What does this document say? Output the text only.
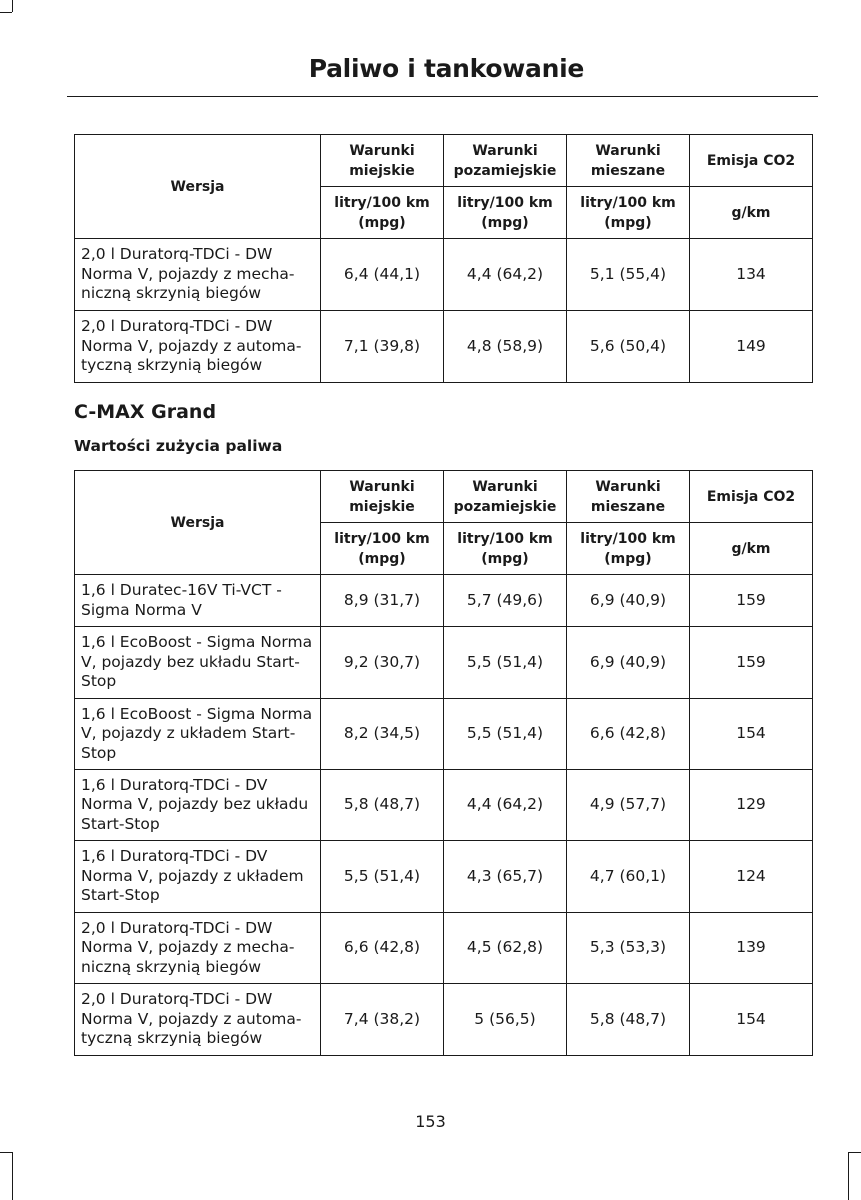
Paliwo i tankowanie
Wersja	Warunki miejskie	Warunki pozamiejskie	Warunki mieszane	Emisja CO2
	litry/100 km (mpg)	litry/100 km (mpg)	litry/100 km (mpg)	g/km
2,0 l Duratorq-TDCi - DW Norma V, pojazdy z mechaniczną skrzynią biegów	6,4 (44,1)	4,4 (64,2)	5,1 (55,4)	134
2,0 l Duratorq-TDCi - DW Norma V, pojazdy z automatyczną skrzynią biegów	7,1 (39,8)	4,8 (58,9)	5,6 (50,4)	149
C-MAX Grand
Wartości zużycia paliwa
Wersja	Warunki miejskie	Warunki pozamiejskie	Warunki mieszane	Emisja CO2
	litry/100 km (mpg)	litry/100 km (mpg)	litry/100 km (mpg)	g/km
1,6 l Duratec-16V Ti-VCT - Sigma Norma V	8,9 (31,7)	5,7 (49,6)	6,9 (40,9)	159
1,6 l EcoBoost - Sigma Norma V, pojazdy bez układu Start-Stop	9,2 (30,7)	5,5 (51,4)	6,9 (40,9)	159
1,6 l EcoBoost - Sigma Norma V, pojazdy z układem Start-Stop	8,2 (34,5)	5,5 (51,4)	6,6 (42,8)	154
1,6 l Duratorq-TDCi - DV Norma V, pojazdy bez układu Start-Stop	5,8 (48,7)	4,4 (64,2)	4,9 (57,7)	129
1,6 l Duratorq-TDCi - DV Norma V, pojazdy z układem Start-Stop	5,5 (51,4)	4,3 (65,7)	4,7 (60,1)	124
2,0 l Duratorq-TDCi - DW Norma V, pojazdy z mechaniczną skrzynią biegów	6,6 (42,8)	4,5 (62,8)	5,3 (53,3)	139
2,0 l Duratorq-TDCi - DW Norma V, pojazdy z automatyczną skrzynią biegów	7,4 (38,2)	5 (56,5)	5,8 (48,7)	154
153
